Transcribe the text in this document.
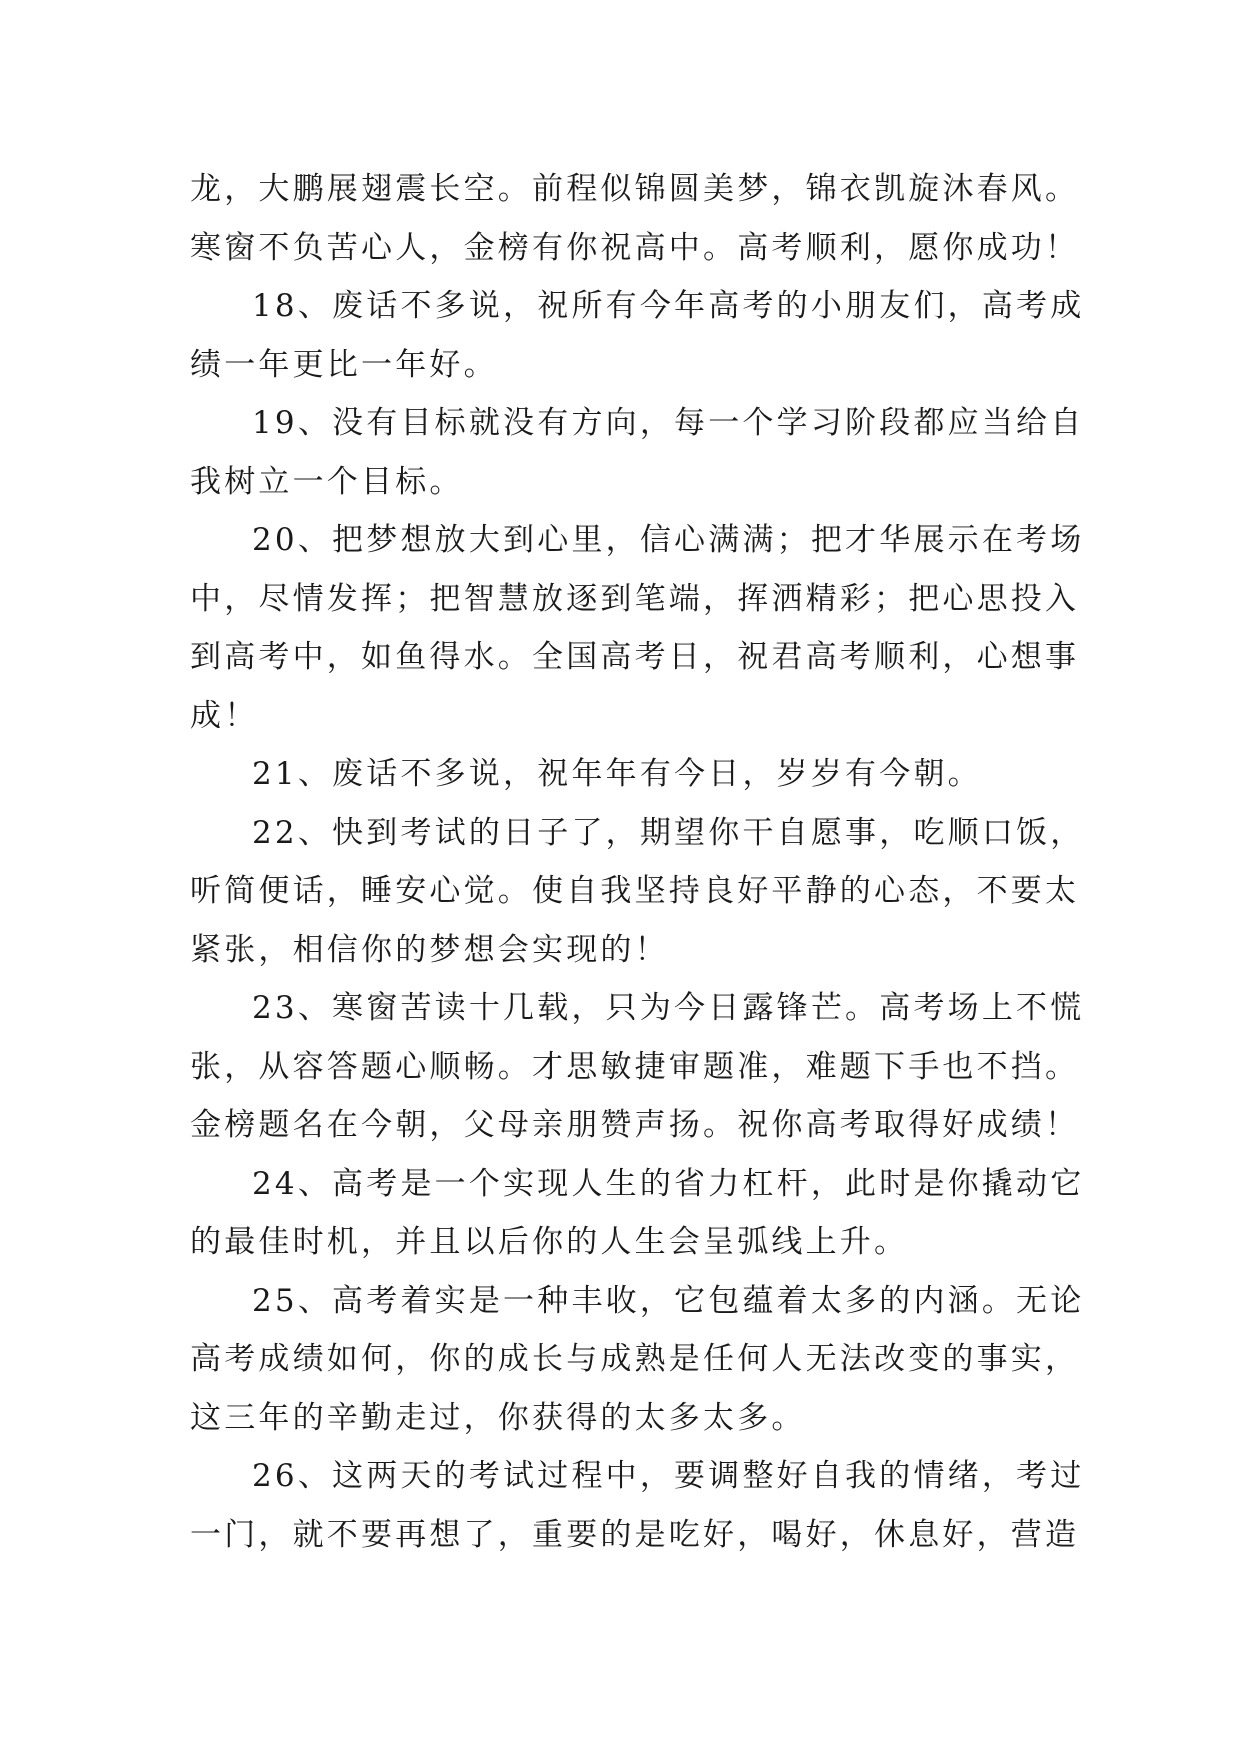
龙，大鹏展翅震长空。前程似锦圆美梦，锦衣凯旋沐春风。
寒窗不负苦心人，金榜有你祝高中。高考顺利，愿你成功！
18、废话不多说，祝所有今年高考的小朋友们，高考成
绩一年更比一年好。
19、没有目标就没有方向，每一个学习阶段都应当给自
我树立一个目标。
20、把梦想放大到心里，信心满满；把才华展示在考场
中，尽情发挥；把智慧放逐到笔端，挥洒精彩；把心思投入
到高考中，如鱼得水。全国高考日，祝君高考顺利，心想事
成！
21、废话不多说，祝年年有今日，岁岁有今朝。
22、快到考试的日子了，期望你干自愿事，吃顺口饭，
听简便话，睡安心觉。使自我坚持良好平静的心态，不要太
紧张，相信你的梦想会实现的！
23、寒窗苦读十几载，只为今日露锋芒。高考场上不慌
张，从容答题心顺畅。才思敏捷审题准，难题下手也不挡。
金榜题名在今朝，父母亲朋赞声扬。祝你高考取得好成绩！
24、高考是一个实现人生的省力杠杆，此时是你撬动它
的最佳时机，并且以后你的人生会呈弧线上升。
25、高考着实是一种丰收，它包蕴着太多的内涵。无论
高考成绩如何，你的成长与成熟是任何人无法改变的事实，
这三年的辛勤走过，你获得的太多太多。
26、这两天的考试过程中，要调整好自我的情绪，考过
一门，就不要再想了，重要的是吃好，喝好，休息好，营造
